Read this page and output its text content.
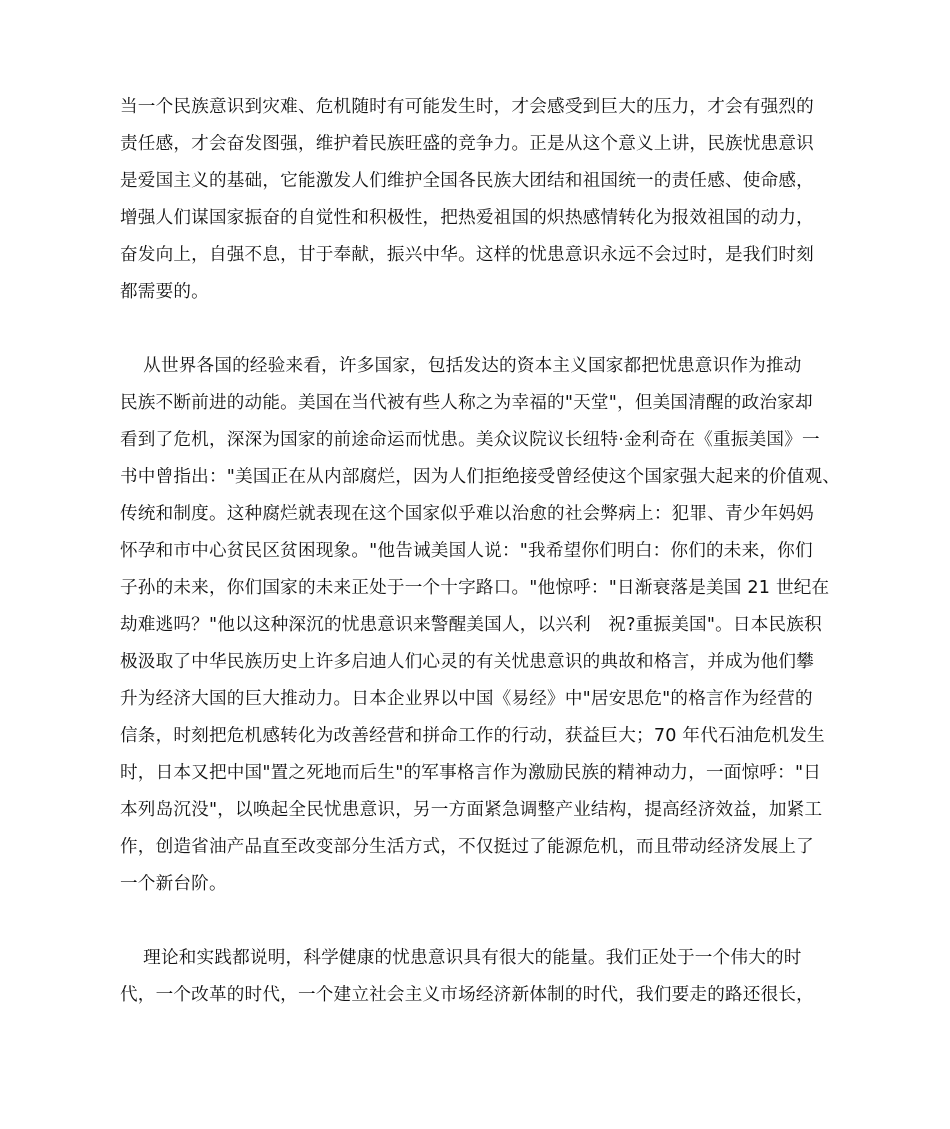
当一个民族意识到灾难、危机随时有可能发生时，才会感受到巨大的压力，才会有强烈的
责任感，才会奋发图强，维护着民族旺盛的竞争力。正是从这个意义上讲，民族忧患意识
是爱国主义的基础，它能激发人们维护全国各民族大团结和祖国统一的责任感、使命感，
增强人们谋国家振奋的自觉性和积极性，把热爱祖国的炽热感情转化为报效祖国的动力，
奋发向上，自强不息，甘于奉献，振兴中华。这样的忧患意识永远不会过时，是我们时刻
都需要的。

从世界各国的经验来看，许多国家，包括发达的资本主义国家都把忧患意识作为推动
民族不断前进的动能。美国在当代被有些人称之为幸福的"天堂"，但美国清醒的政治家却
看到了危机，深深为国家的前途命运而忧患。美众议院议长纽特·金利奇在《重振美国》一
书中曾指出："美国正在从内部腐烂，因为人们拒绝接受曾经使这个国家强大起来的价值观、
传统和制度。这种腐烂就表现在这个国家似乎难以治愈的社会弊病上：犯罪、青少年妈妈
怀孕和市中心贫民区贫困现象。"他告诫美国人说："我希望你们明白：你们的未来，你们
子孙的未来，你们国家的未来正处于一个十字路口。"他惊呼："日渐衰落是美国 21 世纪在
劫难逃吗？"他以这种深沉的忧患意识来警醒美国人，以兴利   祝?重振美国"。日本民族积
极汲取了中华民族历史上许多启迪人们心灵的有关忧患意识的典故和格言，并成为他们攀
升为经济大国的巨大推动力。日本企业界以中国《易经》中"居安思危"的格言作为经营的
信条，时刻把危机感转化为改善经营和拼命工作的行动，获益巨大；70 年代石油危机发生
时，日本又把中国"置之死地而后生"的军事格言作为激励民族的精神动力，一面惊呼："日
本列岛沉没"，以唤起全民忧患意识，另一方面紧急调整产业结构，提高经济效益，加紧工
作，创造省油产品直至改变部分生活方式，不仅挺过了能源危机，而且带动经济发展上了
一个新台阶。

理论和实践都说明，科学健康的忧患意识具有很大的能量。我们正处于一个伟大的时
代，一个改革的时代，一个建立社会主义市场经济新体制的时代，我们要走的路还很长，
